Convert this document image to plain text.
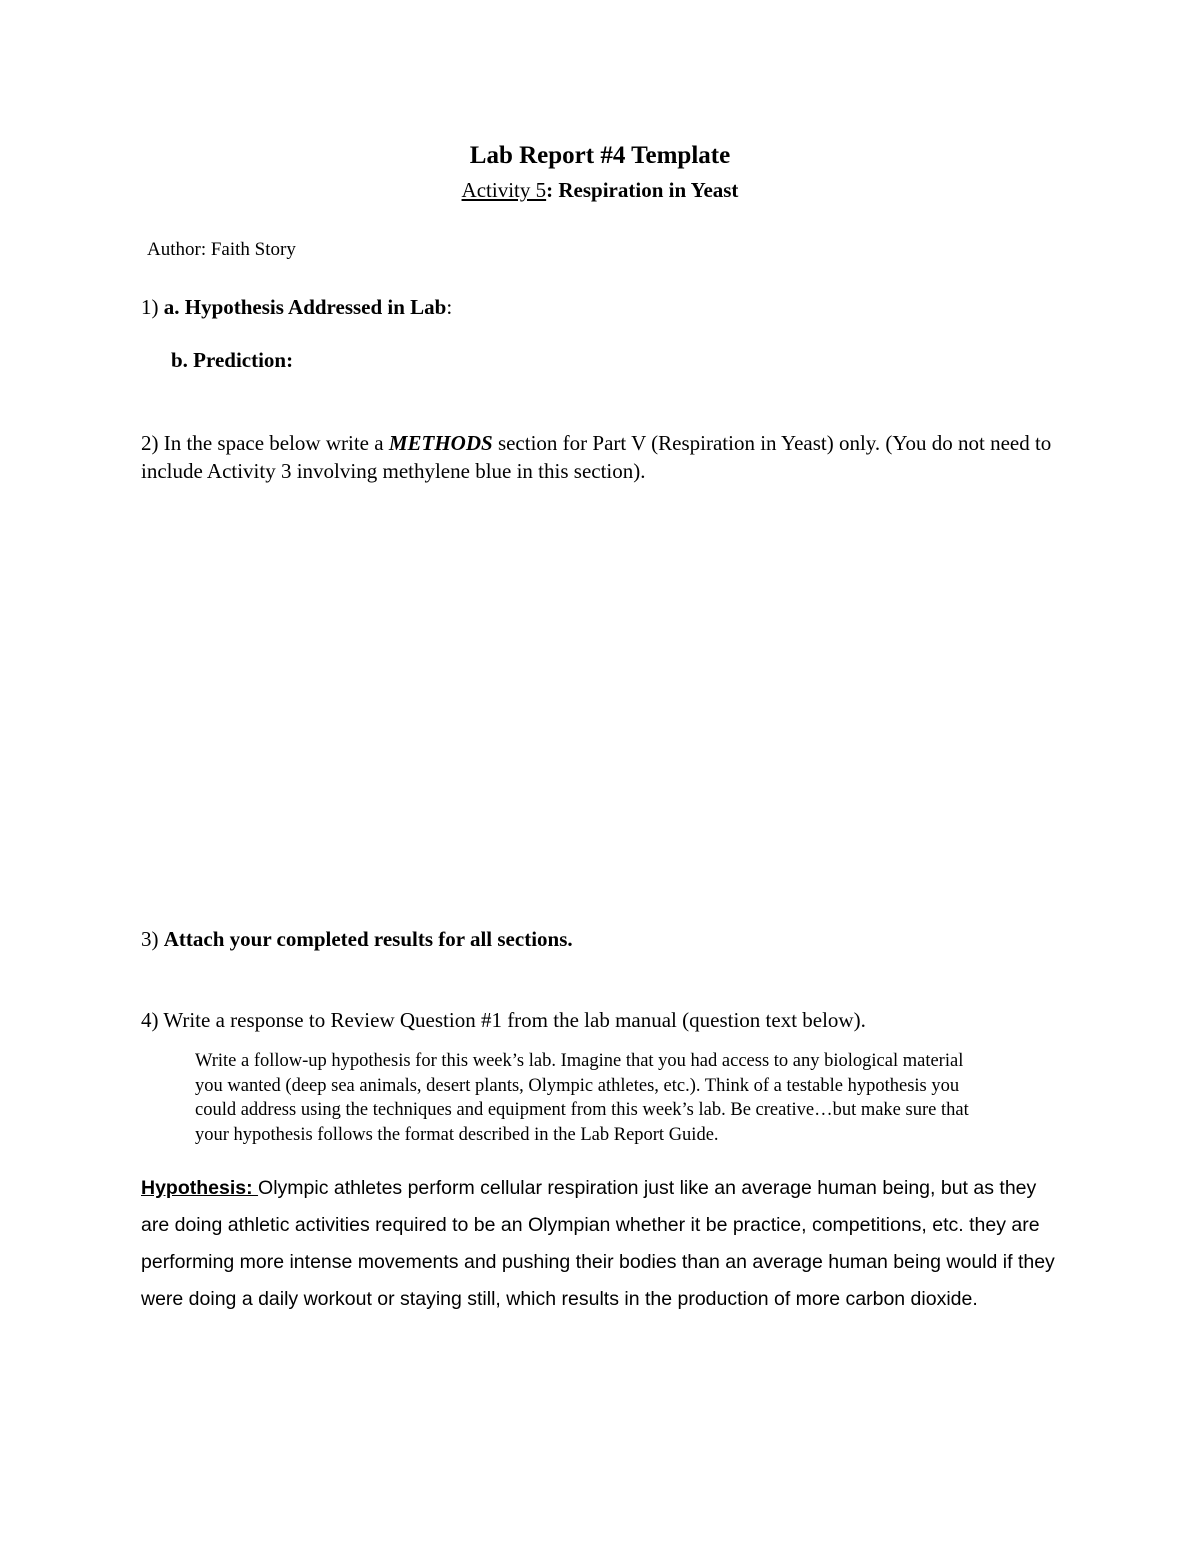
Lab Report #4 Template
Activity 5: Respiration in Yeast
Author: Faith Story
1) a. Hypothesis Addressed in Lab:
b. Prediction:
2) In the space below write a METHODS section for Part V (Respiration in Yeast) only. (You do not need to include Activity 3 involving methylene blue in this section).
3) Attach your completed results for all sections.
4) Write a response to Review Question #1 from the lab manual (question text below).
Write a follow-up hypothesis for this week’s lab. Imagine that you had access to any biological material you wanted (deep sea animals, desert plants, Olympic athletes, etc.). Think of a testable hypothesis you could address using the techniques and equipment from this week’s lab. Be creative…but make sure that your hypothesis follows the format described in the Lab Report Guide.
Hypothesis: Olympic athletes perform cellular respiration just like an average human being, but as they are doing athletic activities required to be an Olympian whether it be practice, competitions, etc. they are performing more intense movements and pushing their bodies than an average human being would if they were doing a daily workout or staying still, which results in the production of more carbon dioxide.
